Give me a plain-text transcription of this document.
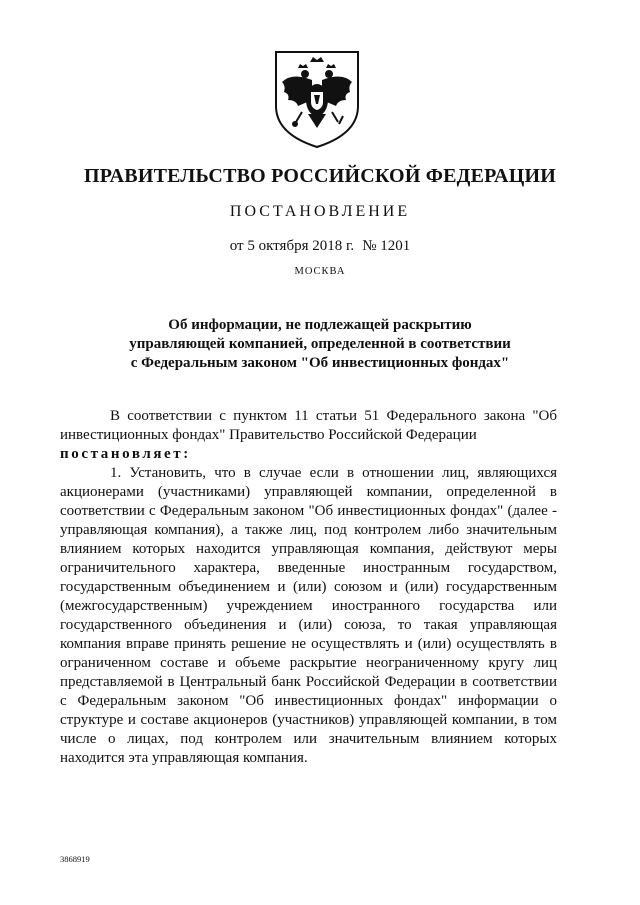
ПРАВИТЕЛЬСТВО РОССИЙСКОЙ ФЕДЕРАЦИИ
ПОСТАНОВЛЕНИЕ
от 5 октября 2018 г. № 1201
МОСКВА
Об информации, не подлежащей раскрытию
управляющей компанией, определенной в соответствии
с Федеральным законом "Об инвестиционных фондах"

В соответствии с пунктом 11 статьи 51 Федерального закона "Об инвестиционных фондах" Правительство Российской Федерации

постановляет:

1. Установить, что в случае если в отношении лиц, являющихся акционерами (участниками) управляющей компании, определенной в соответствии с Федеральным законом "Об инвестиционных фондах" (далее - управляющая компания), а также лиц, под контролем либо значительным влиянием которых находится управляющая компания, действуют меры ограничительного характера, введенные иностранным государством, государственным объединением и (или) союзом и (или) государственным (межгосударственным) учреждением иностранного государства или государственного объединения и (или) союза, то такая управляющая компания вправе принять решение не осуществлять и (или) осуществлять в ограниченном составе и объеме раскрытие неограниченному кругу лиц представляемой в Центральный банк Российской Федерации в соответствии с Федеральным законом "Об инвестиционных фондах" информации о структуре и составе акционеров (участников) управляющей компании, в том числе о лицах, под контролем или значительным влиянием которых находится эта управляющая компания.

3868919
